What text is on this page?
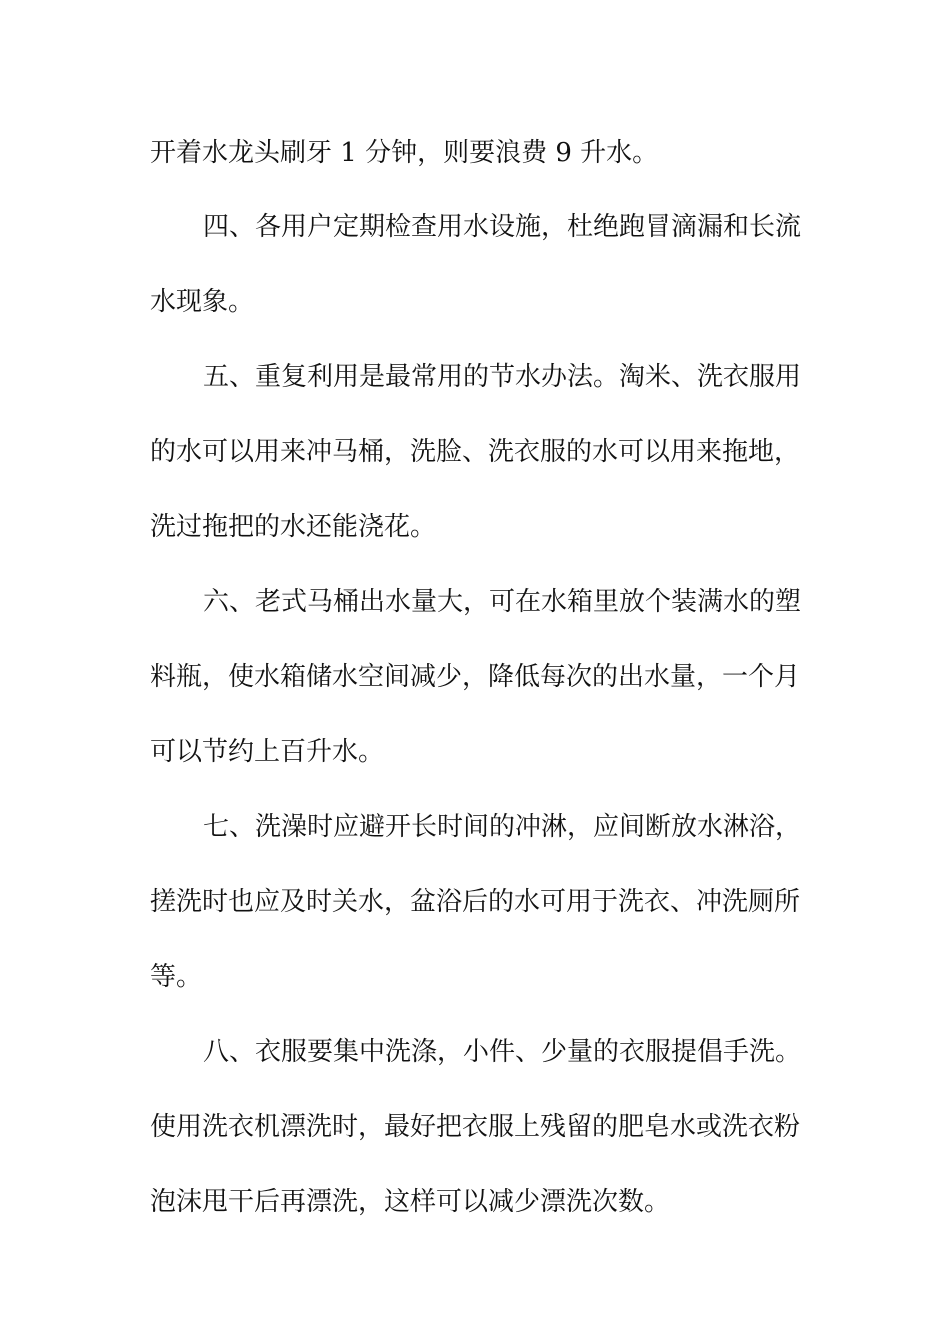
开着水龙头刷牙 1 分钟，则要浪费 9 升水。
四、各用户定期检查用水设施，杜绝跑冒滴漏和长流
水现象。
五、重复利用是最常用的节水办法。淘米、洗衣服用
的水可以用来冲马桶，洗脸、洗衣服的水可以用来拖地，
洗过拖把的水还能浇花。
六、老式马桶出水量大，可在水箱里放个装满水的塑
料瓶，使水箱储水空间减少，降低每次的出水量，一个月
可以节约上百升水。
七、洗澡时应避开长时间的冲淋，应间断放水淋浴，
搓洗时也应及时关水，盆浴后的水可用于洗衣、冲洗厕所
等。
八、衣服要集中洗涤，小件、少量的衣服提倡手洗。
使用洗衣机漂洗时，最好把衣服上残留的肥皂水或洗衣粉
泡沫甩干后再漂洗，这样可以减少漂洗次数。
